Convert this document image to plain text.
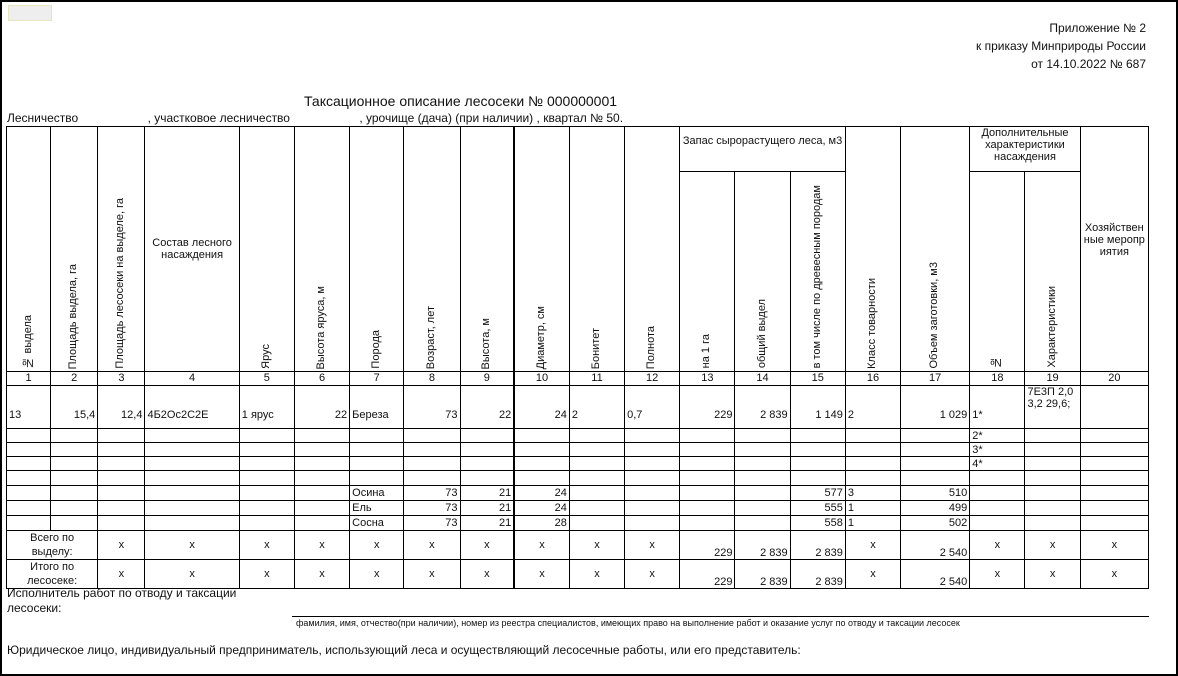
Приложение № 2
к приказу Минприроды России
от 14.10.2022 № 687
Таксационное описание лесосеки № 000000001
Лесничество	, участковое лесничество	, урочище (дача) (при наличии) , квартал № 50.
№ выдела	Площадь выдела, га	Площадь лесосеки на выделе, га	Состав лесного насаждения	Ярус	Высота яруса, м	Порода	Возраст, лет	Высота, м	Диаметр, см	Бонитет	Полнота	Запас сырорастущего леса, м3			Класс товарности	Объем заготовки, м3	Дополнительные характеристики насаждения		Хозяйственные мероприятия

												на 1 га	общий выдел	в том числе по древесным породам			№	Характеристики	

1	2	3	4	5	6	7	8	9	10	11	12	13	14	15	16	17	18	19	20
13	15,4	12,4	4Б2Ос2С2Е	1 ярус	22	Береза	73	22	24	2	0,7	229	2 839	1 149	2	1 029	1*	7Е3П 2,0 3,2 29,6;	
																	2*		
																	3*		
																	4*		

						Осина	73	21	24					577	3	510			
						Ель	73	21	24					555	1	499			
						Сосна	73	21	28					558	1	502			
Всего по выделу:		x	x	x	x	x	x	x	x	x	x	229	2 839	2 839	x	2 540	x	x	x
Итого по лесосеке:		x	x	x	x	x	x	x	x	x	x	229	2 839	2 839	x	2 540	x	x	x
Исполнитель работ по отводу и таксации лесосеки:
фамилия, имя, отчество(при наличии), номер из реестра специалистов, имеющих право на выполнение работ и оказание услуг по отводу и таксации лесосек
Юридическое лицо, индивидуальный предприниматель, использующий леса и осуществляющий лесосечные работы, или его представитель:
